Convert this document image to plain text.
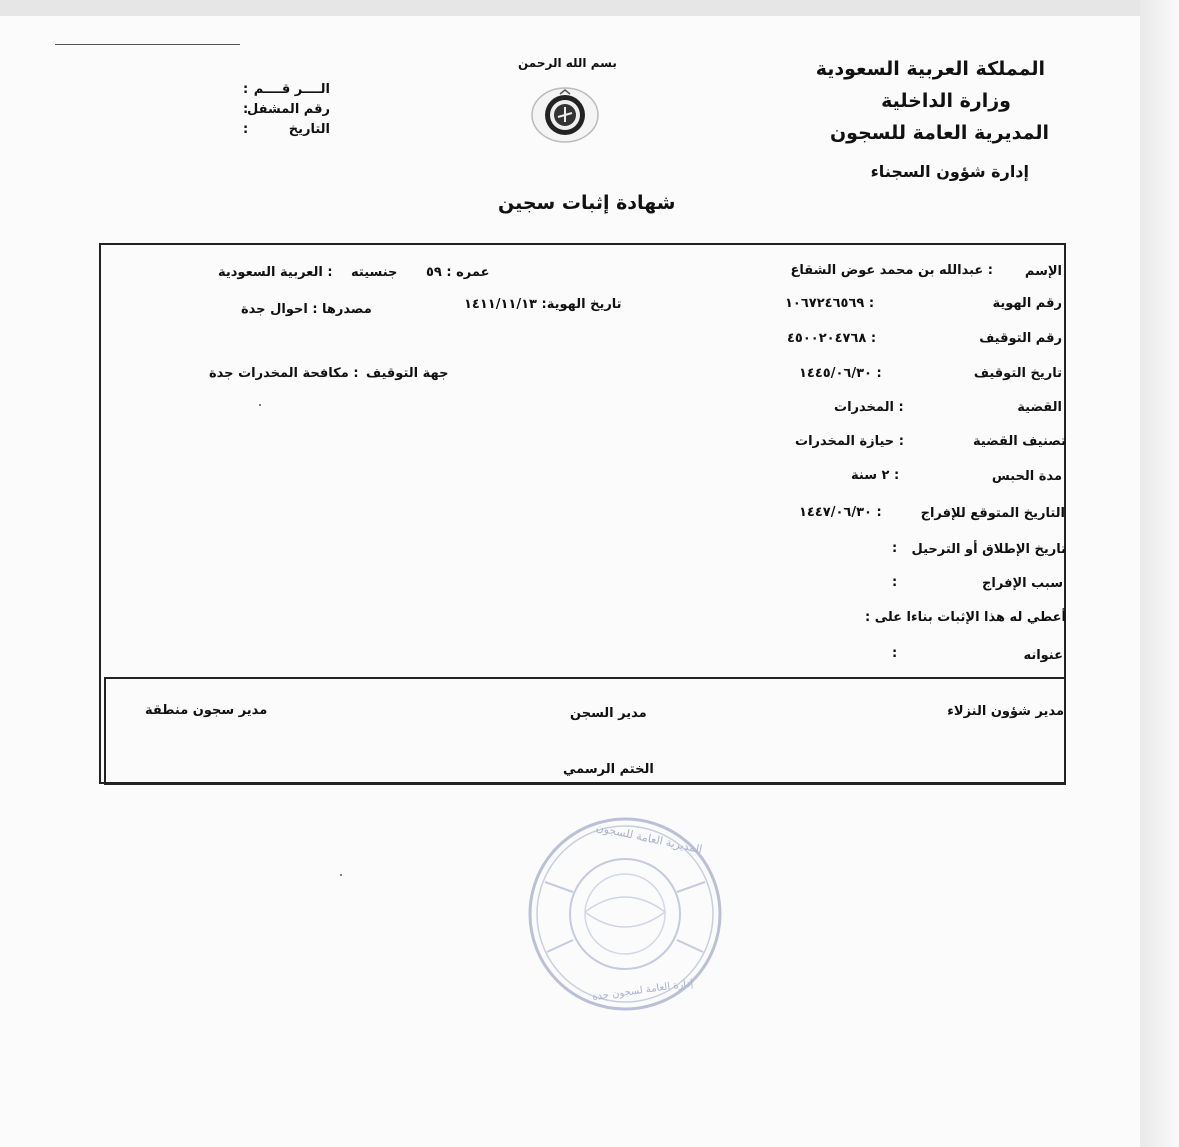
المملكة العربية السعودية
وزارة الداخلية
المديرية العامة للسجون
إدارة شؤون السجناء
بسم الله الرحمن
الــــر قــــم
:
رقم المشفل
:
التاريخ
:
شهادة إثبات سجين
الإسم
: عبدالله بن محمد عوض الشقاع
عمره : ٥٩
جنسيته
: العربية السعودية
رقم الهوية
١٠٦٧٢٤٦٥٦٩ :
تاريخ الهوية: ١٤١١/١١/١٣
مصدرها : احوال جدة
رقم التوقيف
٤٥٠٠٢٠٤٧٦٨ :
تاريخ التوقيف
١٤٤٥/٠٦/٣٠ :
جهة التوقيف
: مكافحة المخدرات جدة
القضية
: المخدرات
تصنيف القضية
: حيازة المخدرات
مدة الحبس
: ٢ سنة
التاريخ المتوقع للإفراج
١٤٤٧/٠٦/٣٠ :
تاريخ الإطلاق أو الترحيل
:
سبب الإفراج
:
أعطي له هذا الإثبات بناءا على :
عنوانه
:
مدير شؤون النزلاء
مدير السجن
مدير سجون منطقة
الختم الرسمي
المديرية العامة للسجون
إدارة العامة لسجون جدة
